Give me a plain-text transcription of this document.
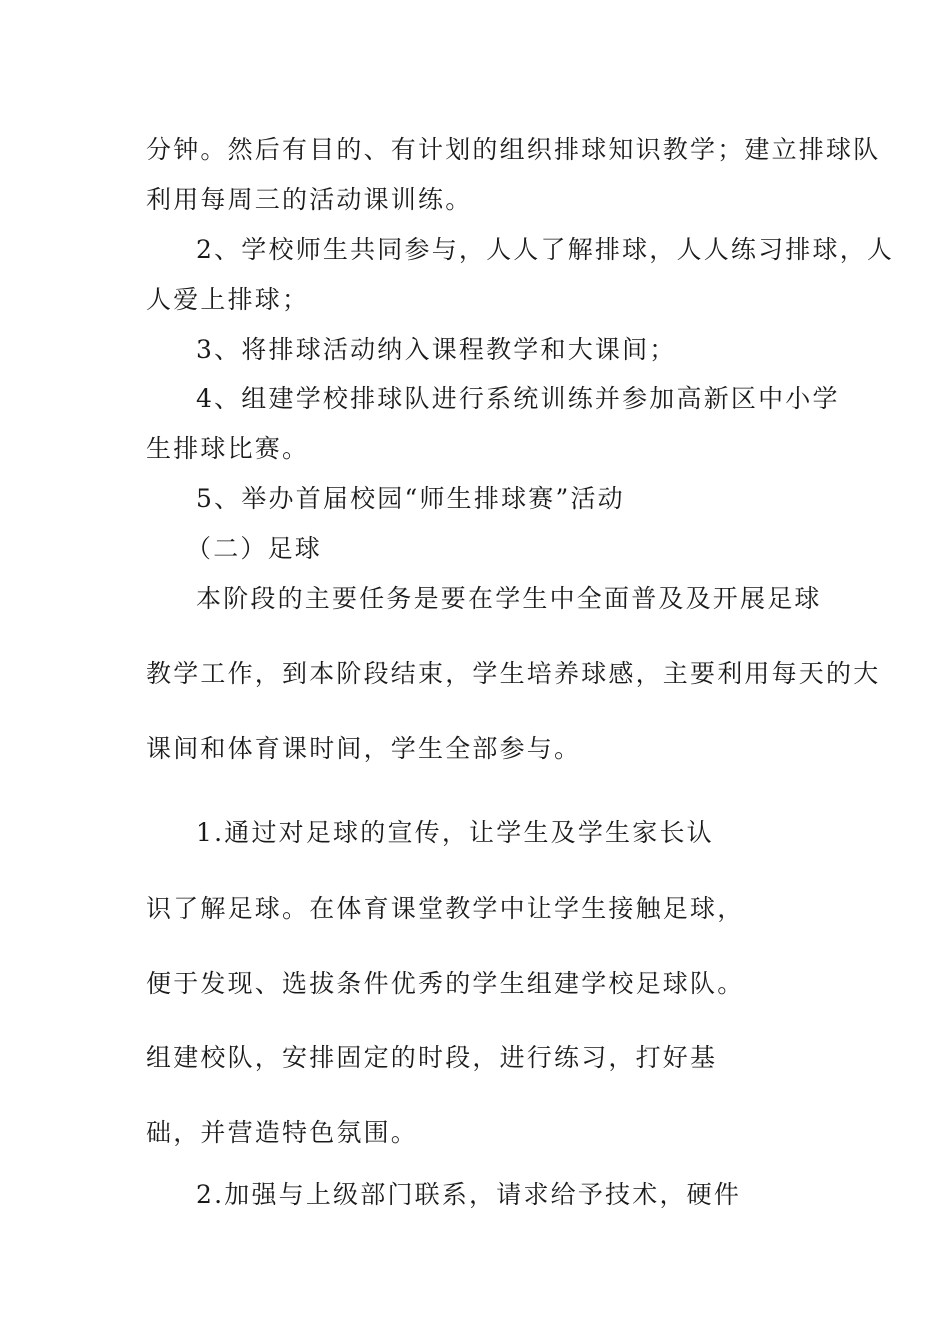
分钟。然后有目的、有计划的组织排球知识教学；建立排球队
利用每周三的活动课训练。
2、学校师生共同参与，人人了解排球，人人练习排球，人
人爱上排球；
3、将排球活动纳入课程教学和大课间；
4、组建学校排球队进行系统训练并参加高新区中小学
生排球比赛。
5、举办首届校园“师生排球赛”活动
（二）足球
本阶段的主要任务是要在学生中全面普及及开展足球
教学工作，到本阶段结束，学生培养球感，主要利用每天的大
课间和体育课时间，学生全部参与。
1.通过对足球的宣传，让学生及学生家长认
识了解足球。在体育课堂教学中让学生接触足球，
便于发现、选拔条件优秀的学生组建学校足球队。
组建校队，安排固定的时段，进行练习，打好基
础，并营造特色氛围。
2.加强与上级部门联系，请求给予技术，硬件
